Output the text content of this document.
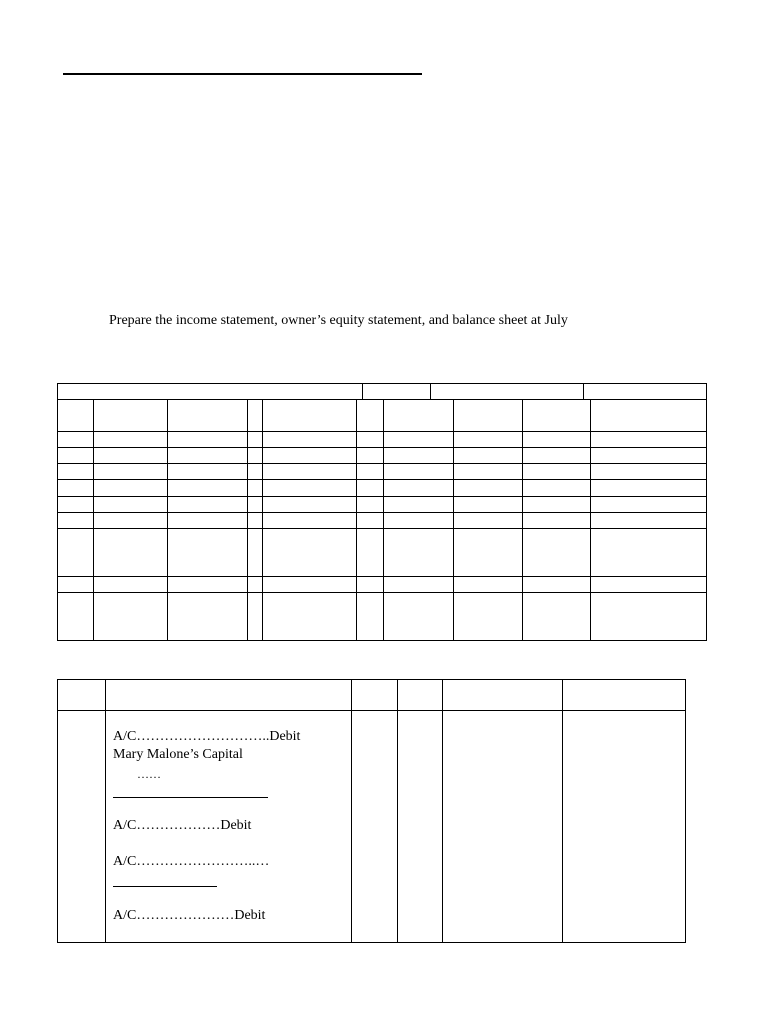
Prepare the income statement, owner’s equity statement, and balance sheet at July
A/C………………………..Debit
Mary Malone’s Capital
……
A/C………………Debit
A/C……………………..…
A/C…………………Debit
